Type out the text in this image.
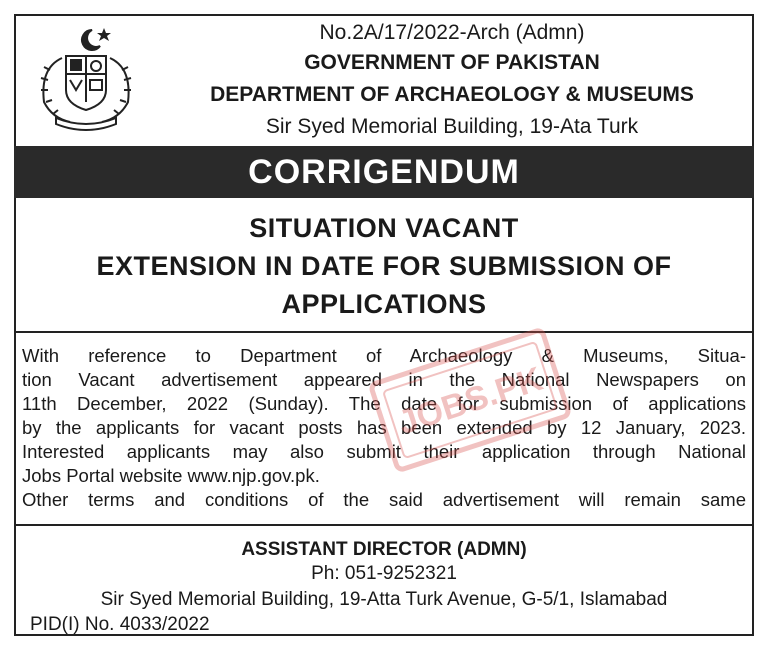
No.2A/17/2022-Arch (Admn)
GOVERNMENT OF PAKISTAN
DEPARTMENT OF ARCHAEOLOGY & MUSEUMS
Sir Syed Memorial Building, 19-Ata Turk
CORRIGENDUM
SITUATION VACANT
EXTENSION IN DATE FOR SUBMISSION OF
APPLICATIONS
With reference to Department of Archaeology & Museums, Situa-
tion Vacant advertisement appeared in the National Newspapers on
11th December, 2022 (Sunday). The date for submission of applications
by the applicants for vacant posts has been extended by 12 January, 2023.
Interested applicants may also submit their application through National
Jobs Portal website www.njp.gov.pk.
Other terms and conditions of the said advertisement will remain same
ASSISTANT DIRECTOR (ADMN)
Ph: 051-9252321
Sir Syed Memorial Building, 19-Atta Turk Avenue, G-5/1, Islamabad
PID(I) No. 4033/2022
JOBS.PK
